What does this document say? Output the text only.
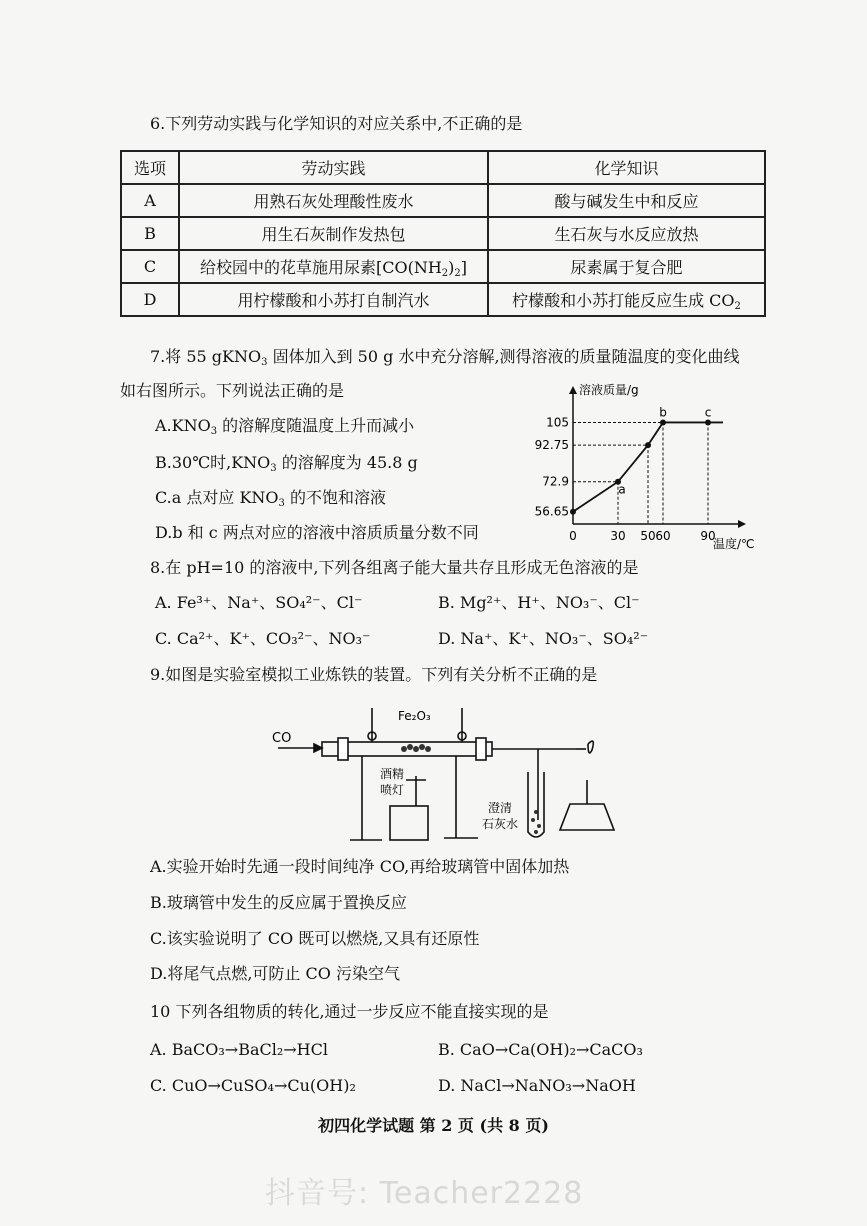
6.下列劳动实践与化学知识的对应关系中,不正确的是
选项	劳动实践	化学知识
A	用熟石灰处理酸性废水	酸与碱发生中和反应
B	用生石灰制作发热包	生石灰与水反应放热
C	给校园中的花草施用尿素$[CO(NH_2)_2]$	尿素属于复合肥
D	用柠檬酸和小苏打自制汽水	柠檬酸和小苏打能反应生成 $CO_2$
7.将 55 gKNO$_3$ 固体加入到 50 g 水中充分溶解,测得溶液的质量随温度的变化曲线
如右图所示。下列说法正确的是
$A.KNO_3$ 的溶解度随温度上升而减小
B.30℃时$,KNO_3$ 的溶解度为 45.8 g
C.a 点对应 $KNO_3$ 的不饱和溶液
D.b 和 c 两点对应的溶液中溶质质量分数不同
溶液质量/g
温度/℃
0	30 50 60 90
56.65
72.9
92.75
105
a
b	c
8.在 pH=10 的溶液中,下列各组离子能大量共存且形成无色溶液的是
A. Fe³⁺、Na⁺、SO₄²⁻、Cl⁻	B. Mg²⁺、H⁺、NO₃⁻、Cl⁻
C. Ca²⁺、K⁺、CO₃²⁻、NO₃⁻	D. Na⁺、K⁺、NO₃⁻、SO₄²⁻
9.如图是实验室模拟工业炼铁的装置。下列有关分析不正确的是
CO
Fe₂O₃
酒精
喷灯
澄清
石灰水
A.实验开始时先通一段时间纯净 CO,再给玻璃管中固体加热
B.玻璃管中发生的反应属于置换反应
C.该实验说明了 CO 既可以燃烧,又具有还原性
D.将尾气点燃,可防止 CO 污染空气
10 下列各组物质的转化,通过一步反应不能直接实现的是
A. BaCO₃→BaCl₂→HCl	B. CaO→Ca(OH)₂→CaCO₃
C. CuO→CuSO₄→Cu(OH)₂	D. NaCl→NaNO₃→NaOH
初四化学试题 第 2 页 (共 8 页)
抖音号: Teacher2228
